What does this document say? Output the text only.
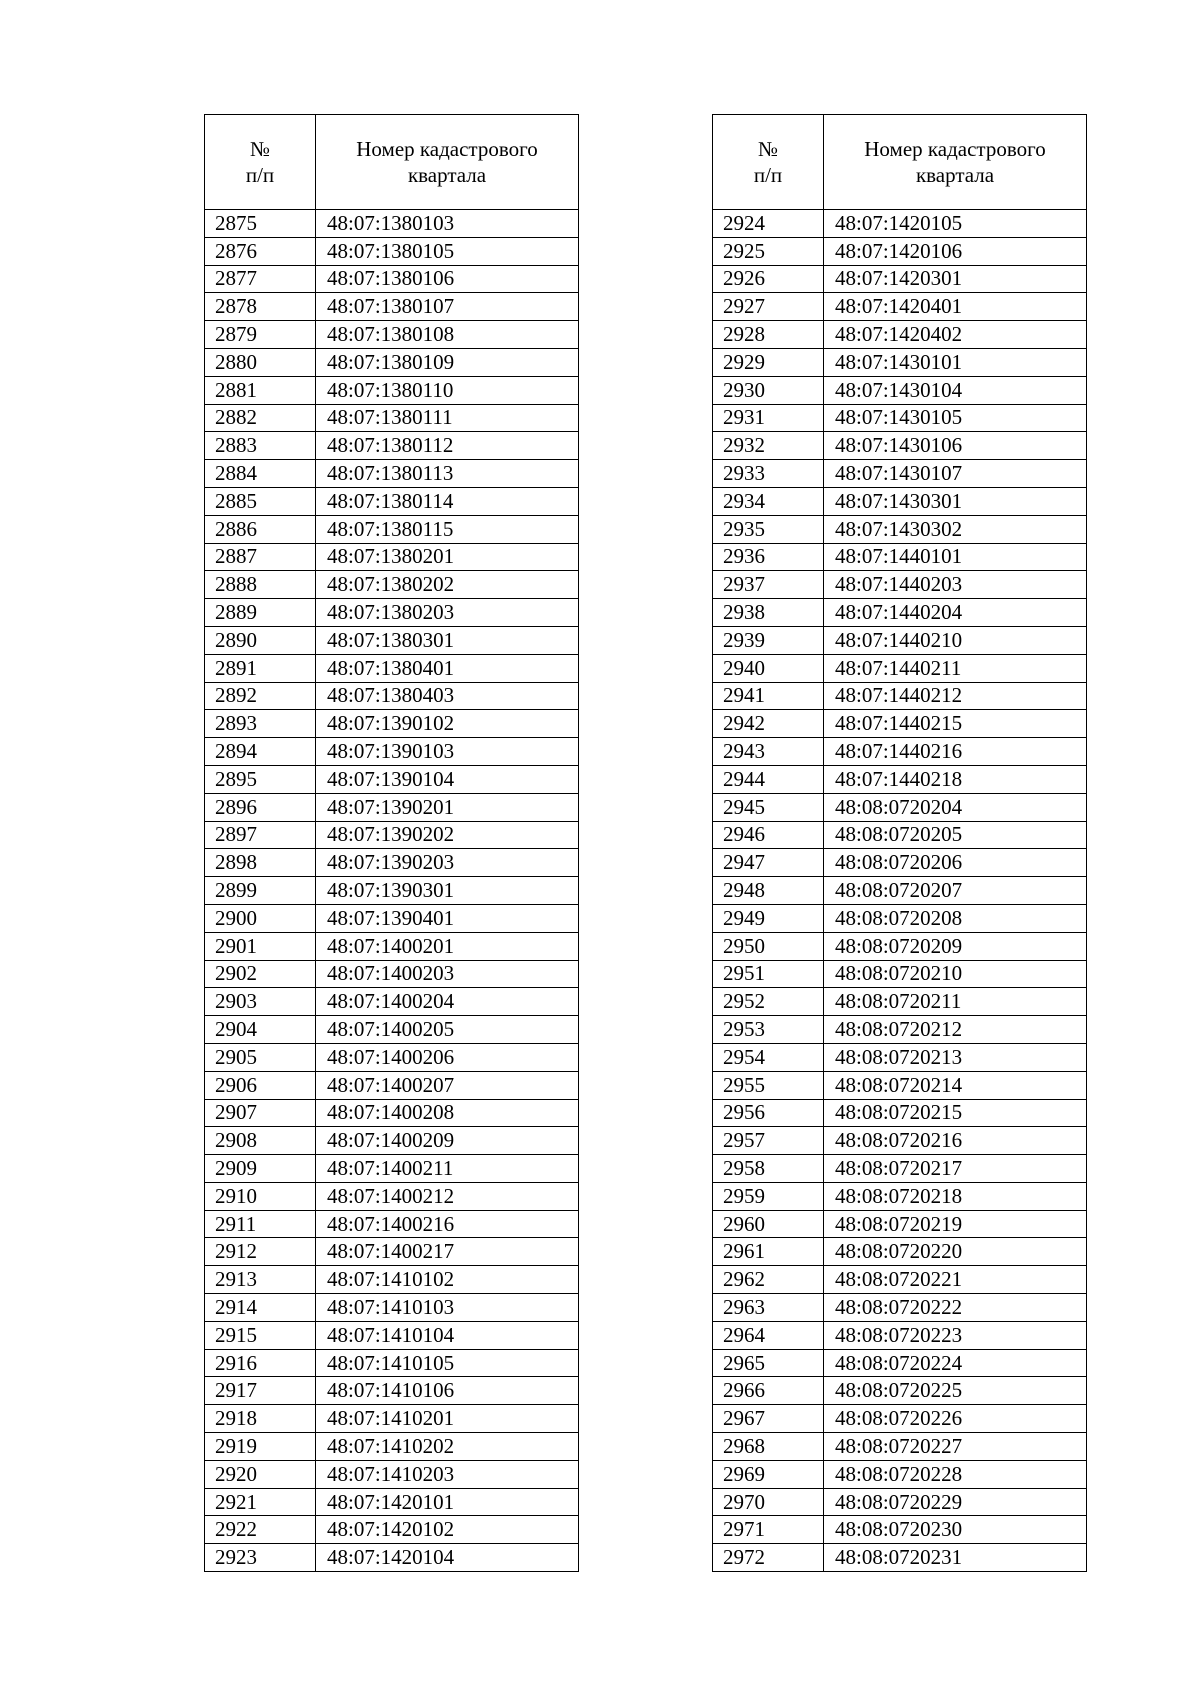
№
п/п	Номер кадастрового
квартала

2875	48:07:1380103
2876	48:07:1380105
2877	48:07:1380106
2878	48:07:1380107
2879	48:07:1380108
2880	48:07:1380109
2881	48:07:1380110
2882	48:07:1380111
2883	48:07:1380112
2884	48:07:1380113
2885	48:07:1380114
2886	48:07:1380115
2887	48:07:1380201
2888	48:07:1380202
2889	48:07:1380203
2890	48:07:1380301
2891	48:07:1380401
2892	48:07:1380403
2893	48:07:1390102
2894	48:07:1390103
2895	48:07:1390104
2896	48:07:1390201
2897	48:07:1390202
2898	48:07:1390203
2899	48:07:1390301
2900	48:07:1390401
2901	48:07:1400201
2902	48:07:1400203
2903	48:07:1400204
2904	48:07:1400205
2905	48:07:1400206
2906	48:07:1400207
2907	48:07:1400208
2908	48:07:1400209
2909	48:07:1400211
2910	48:07:1400212
2911	48:07:1400216
2912	48:07:1400217
2913	48:07:1410102
2914	48:07:1410103
2915	48:07:1410104
2916	48:07:1410105
2917	48:07:1410106
2918	48:07:1410201
2919	48:07:1410202
2920	48:07:1410203
2921	48:07:1420101
2922	48:07:1420102
2923	48:07:1420104
№
п/п	Номер кадастрового
квартала

2924	48:07:1420105
2925	48:07:1420106
2926	48:07:1420301
2927	48:07:1420401
2928	48:07:1420402
2929	48:07:1430101
2930	48:07:1430104
2931	48:07:1430105
2932	48:07:1430106
2933	48:07:1430107
2934	48:07:1430301
2935	48:07:1430302
2936	48:07:1440101
2937	48:07:1440203
2938	48:07:1440204
2939	48:07:1440210
2940	48:07:1440211
2941	48:07:1440212
2942	48:07:1440215
2943	48:07:1440216
2944	48:07:1440218
2945	48:08:0720204
2946	48:08:0720205
2947	48:08:0720206
2948	48:08:0720207
2949	48:08:0720208
2950	48:08:0720209
2951	48:08:0720210
2952	48:08:0720211
2953	48:08:0720212
2954	48:08:0720213
2955	48:08:0720214
2956	48:08:0720215
2957	48:08:0720216
2958	48:08:0720217
2959	48:08:0720218
2960	48:08:0720219
2961	48:08:0720220
2962	48:08:0720221
2963	48:08:0720222
2964	48:08:0720223
2965	48:08:0720224
2966	48:08:0720225
2967	48:08:0720226
2968	48:08:0720227
2969	48:08:0720228
2970	48:08:0720229
2971	48:08:0720230
2972	48:08:0720231
